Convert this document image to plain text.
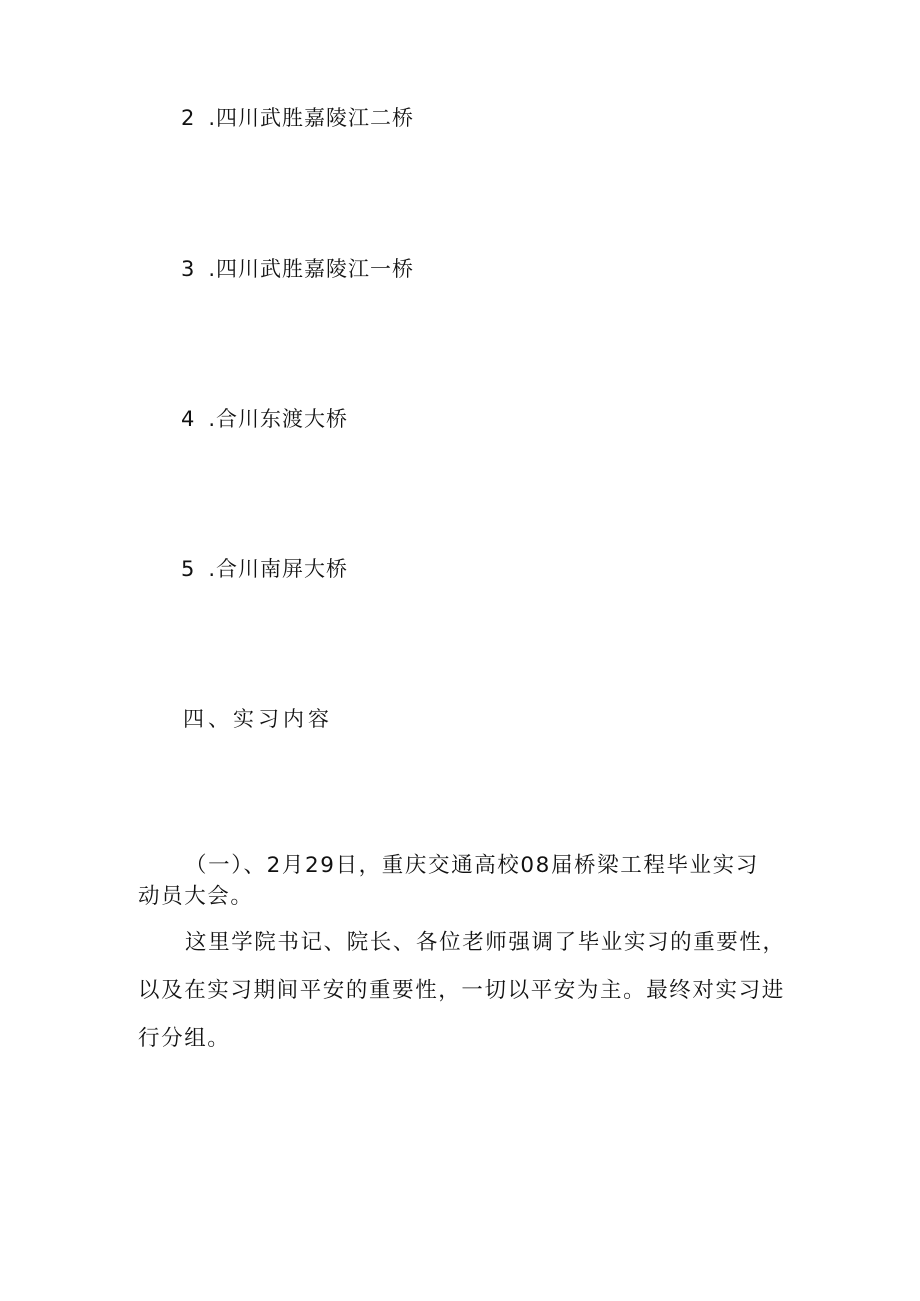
2 .四川武胜嘉陵江二桥
3 .四川武胜嘉陵江一桥
4 .合川东渡大桥
5 .合川南屏大桥
四、实习内容
（一）、2月29日，重庆交通高校08届桥梁工程毕业实习
动员大会。
这里学院书记、院长、各位老师强调了毕业实习的重要性，
以及在实习期间平安的重要性，一切以平安为主。最终对实习进
行分组。
